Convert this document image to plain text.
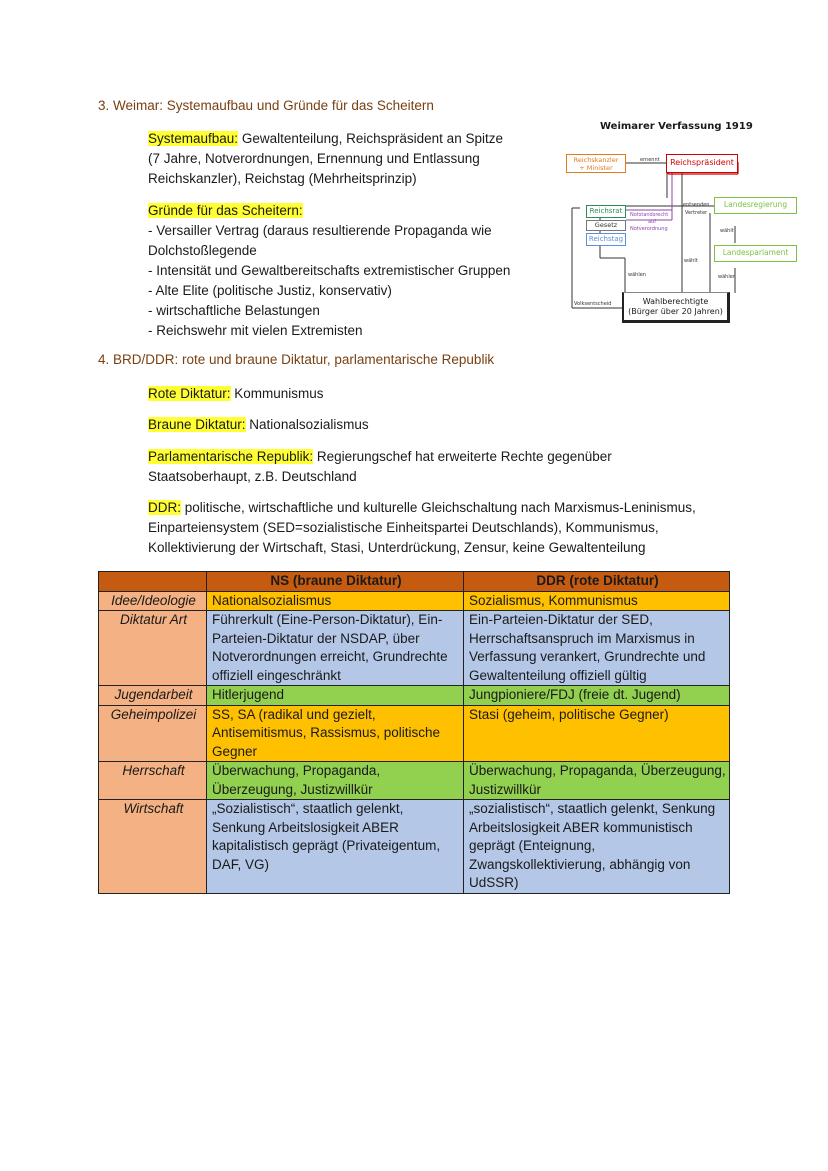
3. Weimar: Systemaufbau und Gründe für das Scheitern
Systemaufbau: Gewaltenteilung, Reichspräsident an Spitze
(7 Jahre, Notverordnungen, Ernennung und Entlassung
Reichskanzler), Reichstag (Mehrheitsprinzip)
Gründe für das Scheitern:
- Versailler Vertrag (daraus resultierende Propaganda wie
Dolchstoßlegende
- Intensität und Gewaltbereitschafts extremistischer Gruppen
- Alte Elite (politische Justiz, konservativ)
- wirtschaftliche Belastungen
- Reichswehr mit vielen Extremisten
Weimarer Verfassung 1919
Reichskanzler
+ Minister
ernennt	Reichspräsident
Reichsrat
Gesetz
Reichstag
Notstandsrecht
auf
Notverordnung
entsenden
Vertreter
Landesregierung
wählt
Landesparlament
wählen
wählt
wählen
Volksentscheid	Wahlberechtigte
(Bürger über 20 Jahren)
4. BRD/DDR: rote und braune Diktatur, parlamentarische Republik
Rote Diktatur: Kommunismus
Braune Diktatur: Nationalsozialismus
Parlamentarische Republik: Regierungschef hat erweiterte Rechte gegenüber
Staatsoberhaupt, z.B. Deutschland
DDR: politische, wirtschaftliche und kulturelle Gleichschaltung nach Marxismus-Leninismus,
Einparteiensystem (SED=sozialistische Einheitspartei Deutschlands), Kommunismus,
Kollektivierung der Wirtschaft, Stasi, Unterdrückung, Zensur, keine Gewaltenteilung
	NS (braune Diktatur)	DDR (rote Diktatur)
Idee/Ideologie	Nationalsozialismus	Sozialismus, Kommunismus
Diktatur Art	Führerkult (Eine-Person-Diktatur), Ein-Parteien-Diktatur der NSDAP, über Notverordnungen erreicht, Grundrechte offiziell eingeschränkt	Ein-Parteien-Diktatur der SED, Herrschaftsanspruch im Marxismus in Verfassung verankert, Grundrechte und Gewaltenteilung offiziell gültig
Jugendarbeit	Hitlerjugend	Jungpioniere/FDJ (freie dt. Jugend)
Geheimpolizei	SS, SA (radikal und gezielt, Antisemitismus, Rassismus, politische Gegner	Stasi (geheim, politische Gegner)
Herrschaft	Überwachung, Propaganda, Überzeugung, Justizwillkür	Überwachung, Propaganda, Überzeugung, Justizwillkür
Wirtschaft	„Sozialistisch“, staatlich gelenkt, Senkung Arbeitslosigkeit ABER kapitalistisch geprägt (Privateigentum, DAF, VG)	„sozialistisch“, staatlich gelenkt, Senkung Arbeitslosigkeit ABER kommunistisch geprägt (Enteignung, Zwangskollektivierung, abhängig von UdSSR)
